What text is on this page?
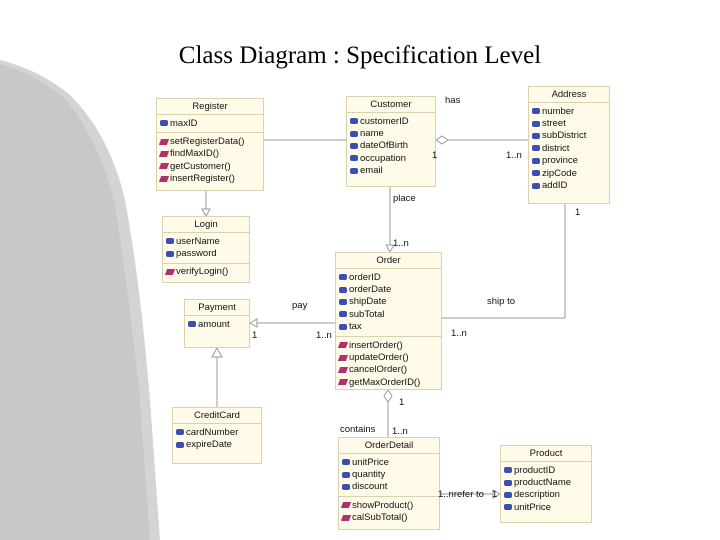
Class Diagram : Specification Level
Register
maxID
setRegisterData()
findMaxID()
getCustomer()
insertRegister()
Customer
customerID
name
dateOfBirth
occupation
email
Address
number
street
subDistrict
district
province
zipCode
addID
Login
userName
password
verifyLogin()
Order
orderID
orderDate
shipDate
subTotal
tax
insertOrder()
updateOrder()
cancelOrder()
getMaxOrderID()
Payment
amount
CreditCard
cardNumber
expireDate	OrderDetail
unitPrice
quantity
discount
showProduct()
calSubTotal()
Product
productID
productName
description
unitPrice
has
1	1..n
place
1..n
1
pay	ship to
1	1..n	1..n
1
contains 1..n
1..nrefer to 1
